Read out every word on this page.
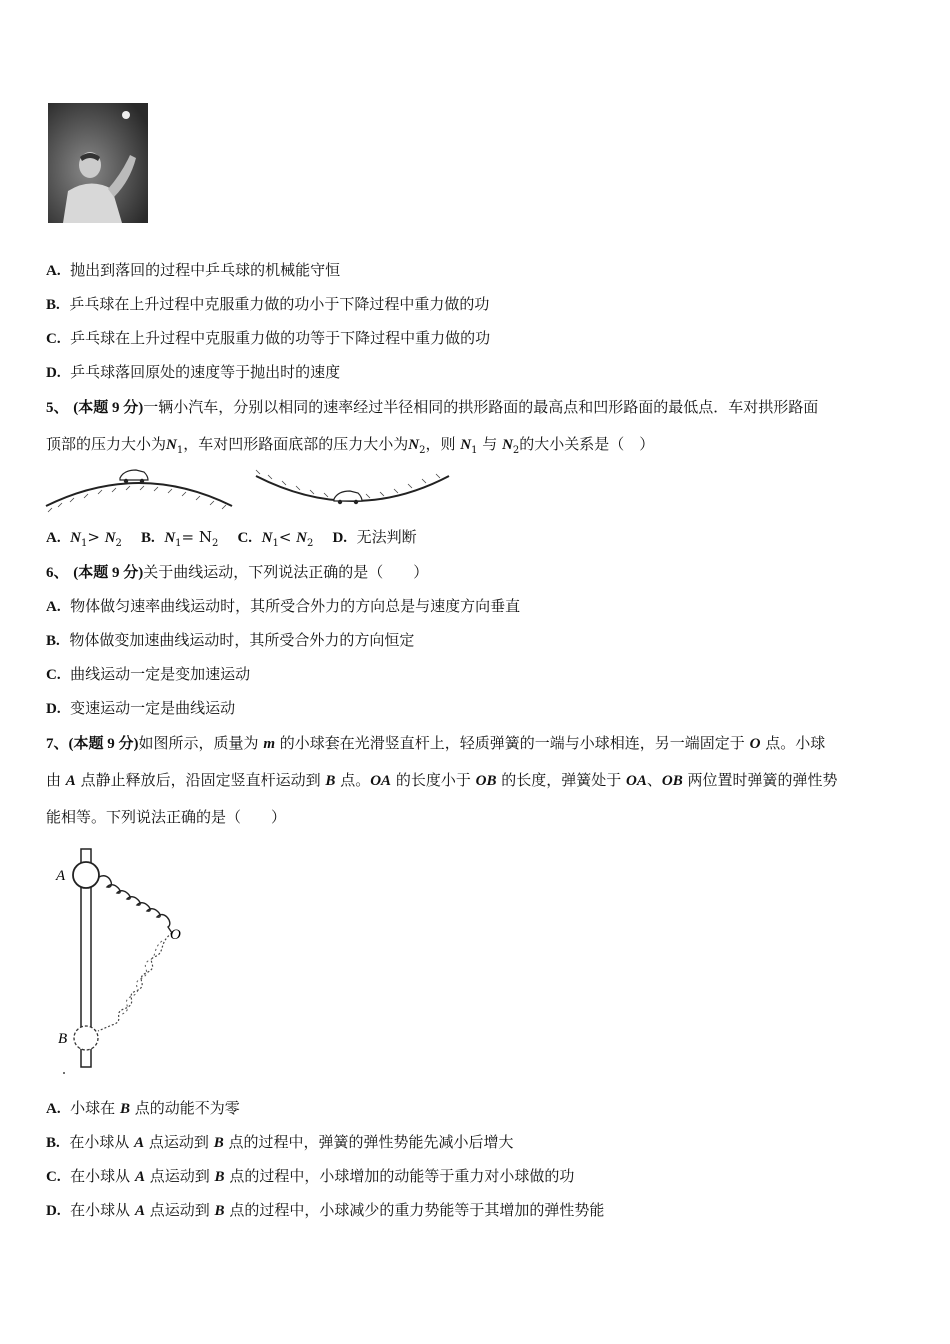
A. 抛出到落回的过程中乒乓球的机械能守恒
B. 乒乓球在上升过程中克服重力做的功小于下降过程中重力做的功
C. 乒乓球在上升过程中克服重力做的功等于下降过程中重力做的功
D. 乒乓球落回原处的速度等于抛出时的速度
5、 (本题 9 分)一辆小汽车，分别以相同的速率经过半径相同的拱形路面的最高点和凹形路面的最低点．车对拱形路面
顶部的压力大小为$N_1$，车对凹形路面底部的压力大小为$N_2$，则 $N_1$ 与 $N_2$的大小关系是（　）
A. $N_1> N_2$ B. $N_1= N_2$ C. $N_1< N_2$ D. 无法判断
6、 (本题 9 分)关于曲线运动，下列说法正确的是（　　）
A. 物体做匀速率曲线运动时，其所受合外力的方向总是与速度方向垂直
B. 物体做变加速曲线运动时，其所受合外力的方向恒定
C. 曲线运动一定是变加速运动
D. 变速运动一定是曲线运动
7、(本题 9 分)如图所示，质量为 m 的小球套在光滑竖直杆上，轻质弹簧的一端与小球相连，另一端固定于 O 点。小球
由 A 点静止释放后，沿固定竖直杆运动到 B 点。OA 的长度小于 OB 的长度，弹簧处于 OA、OB 两位置时弹簧的弹性势
能相等。下列说法正确的是（　　）
A
O
B
A. 小球在 B 点的动能不为零
B. 在小球从 A 点运动到 B 点的过程中，弹簧的弹性势能先减小后增大
C. 在小球从 A 点运动到 B 点的过程中，小球增加的动能等于重力对小球做的功
D. 在小球从 A 点运动到 B 点的过程中，小球减少的重力势能等于其增加的弹性势能
